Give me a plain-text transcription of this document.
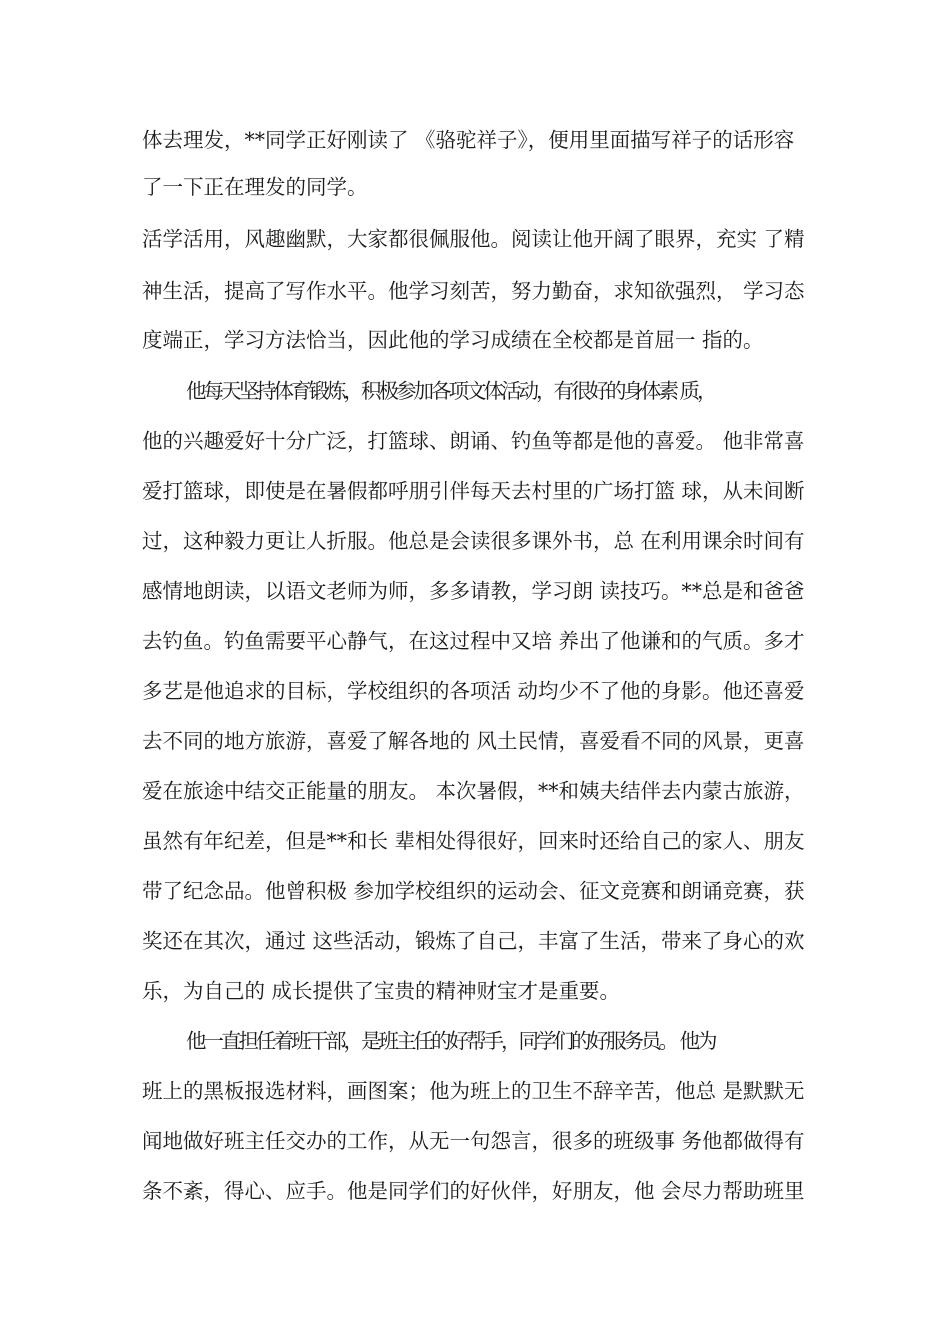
体去理发，**同学正好刚读了 《骆驼祥子》，便用里面描写祥子的话形容
了一下正在理发的同学。
活学活用，风趣幽默，大家都很佩服他。阅读让他开阔了眼界，充实 了精
神生活，提高了写作水平。他学习刻苦，努力勤奋，求知欲强烈， 学习态
度端正，学习方法恰当，因此他的学习成绩在全校都是首屈一 指的。
他每天坚持体育锻炼，积极参加各项文体活动，有很好的身体素 质，
他的兴趣爱好十分广泛，打篮球、朗诵、钓鱼等都是他的喜爱。 他非常喜
爱打篮球，即使是在暑假都呼朋引伴每天去村里的广场打篮 球，从未间断
过，这种毅力更让人折服。他总是会读很多课外书，总 在利用课余时间有
感情地朗读，以语文老师为师，多多请教，学习朗 读技巧。**总是和爸爸
去钓鱼。钓鱼需要平心静气，在这过程中又培 养出了他谦和的气质。多才
多艺是他追求的目标，学校组织的各项活 动均少不了他的身影。他还喜爱
去不同的地方旅游，喜爱了解各地的 风土民情，喜爱看不同的风景，更喜
爱在旅途中结交正能量的朋友。 本次暑假，**和姨夫结伴去内蒙古旅游，
虽然有年纪差，但是**和长 辈相处得很好，回来时还给自己的家人、朋友
带了纪念品。他曾积极 参加学校组织的运动会、征文竞赛和朗诵竞赛，获
奖还在其次，通过 这些活动，锻炼了自己，丰富了生活，带来了身心的欢
乐，为自己的 成长提供了宝贵的精神财宝才是重要。
他一直担任着班干部，是班主任的好帮手，同学们的好服务员。 他为
班上的黑板报选材料，画图案；他为班上的卫生不辞辛苦，他总 是默默无
闻地做好班主任交办的工作，从无一句怨言，很多的班级事 务他都做得有
条不紊，得心、应手。他是同学们的好伙伴，好朋友，他 会尽力帮助班里
